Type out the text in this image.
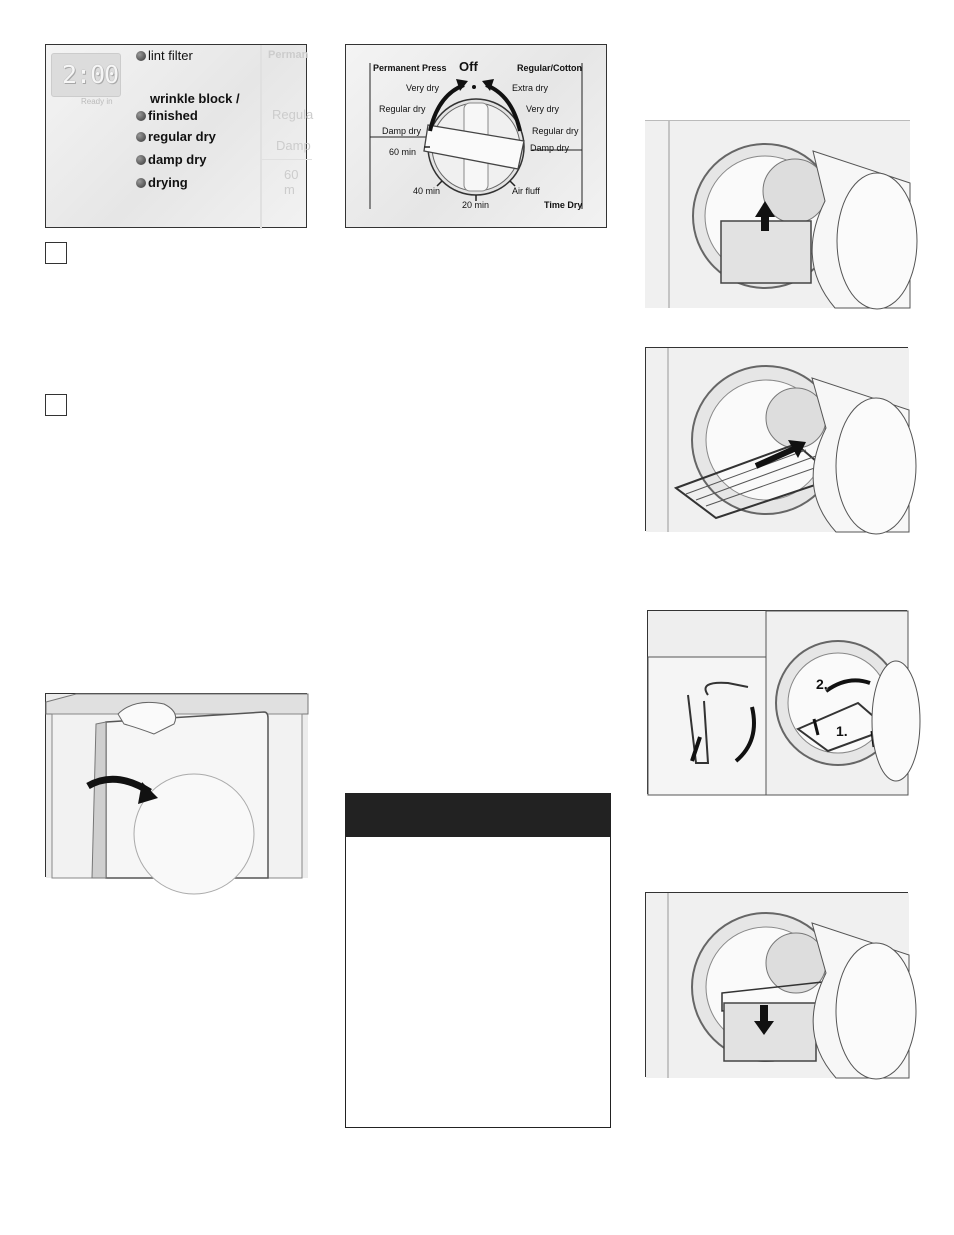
2:00
Ready in
lint filter
wrinkle block /
finished
regular dry
damp dry
drying
Perman
Regula
Damp
60 m
Off
Permanent Press	Regular/Cotton
Very dry
Regular dry
Damp dry
Extra dry
Very dry
Regular dry
Damp dry
60 min
40 min
20 min
Air fluff
Time Dry
2.
1.
